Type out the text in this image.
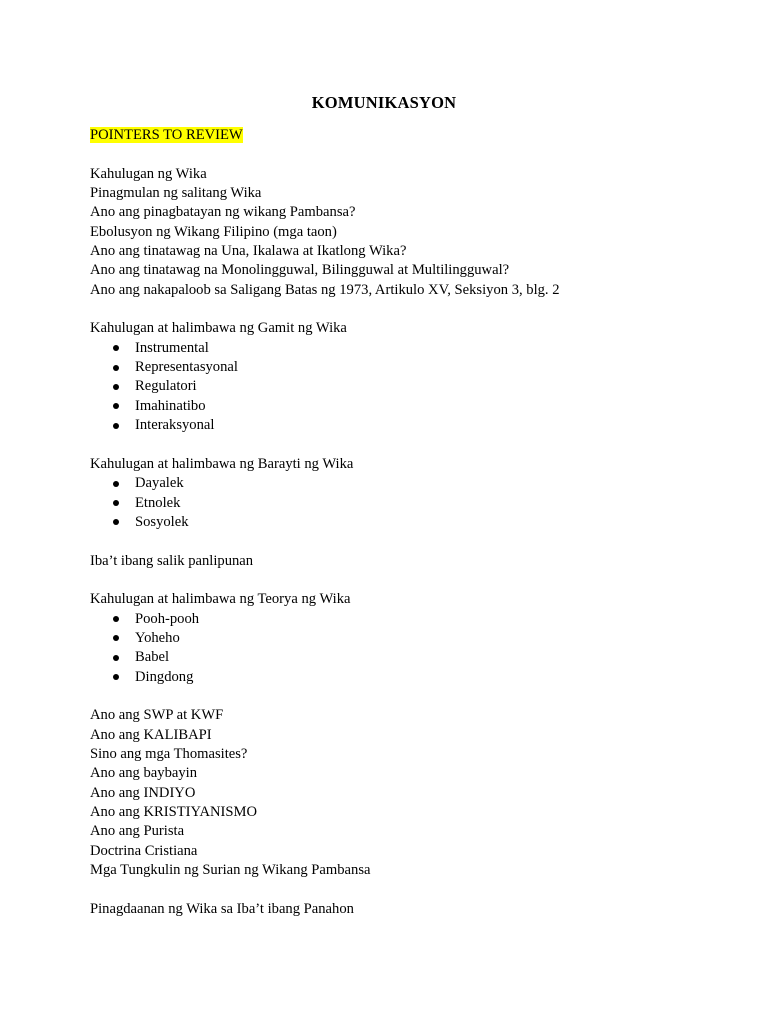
KOMUNIKASYON

POINTERS TO REVIEW

Kahulugan ng Wika

Pinagmulan ng salitang Wika

Ano ang pinagbatayan ng wikang Pambansa?

Ebolusyon ng Wikang Filipino (mga taon)

Ano ang tinatawag na Una, Ikalawa at Ikatlong Wika?

Ano ang tinatawag na Monolingguwal, Bilingguwal at Multilingguwal?

Ano ang nakapaloob sa Saligang Batas ng 1973, Artikulo XV, Seksiyon 3, blg. 2

Kahulugan at halimbawa ng Gamit ng Wika

Instrumental
Representasyonal
Regulatori
Imahinatibo
Interaksyonal

Kahulugan at halimbawa ng Barayti ng Wika

Dayalek
Etnolek
Sosyolek

Iba’t ibang salik panlipunan

Kahulugan at halimbawa ng Teorya ng Wika

Pooh-pooh
Yoheho
Babel
Dingdong

Ano ang SWP at KWF

Ano ang KALIBAPI

Sino ang mga Thomasites?

Ano ang baybayin

Ano ang INDIYO

Ano ang KRISTIYANISMO

Ano ang Purista

Doctrina Cristiana

Mga Tungkulin ng Surian ng Wikang Pambansa

Pinagdaanan ng Wika sa Iba’t ibang Panahon
